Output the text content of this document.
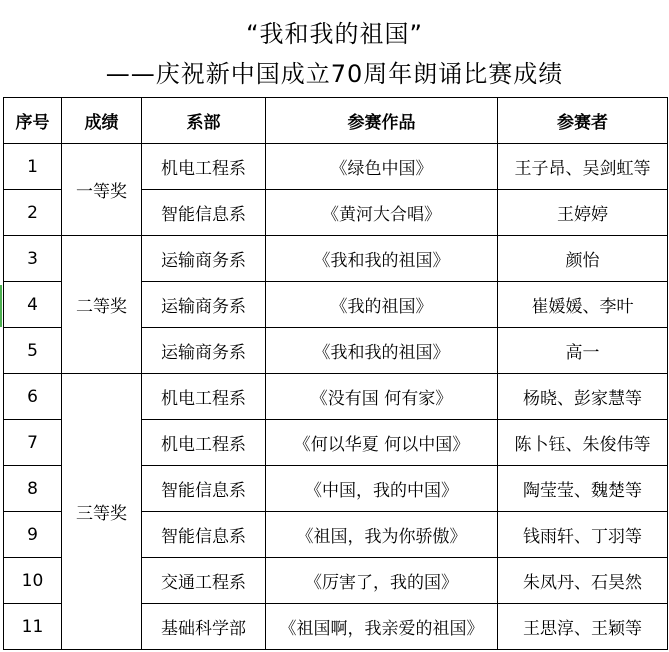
“我和我的祖国”
——庆祝新中国成立70周年朗诵比赛成绩
序号	成绩	系部	参赛作品	参赛者
1	一等奖	机电工程系	《绿色中国》	王子昂、吴剑虹等
2		智能信息系	《黄河大合唱》	王婷婷
3	二等奖	运输商务系	《我和我的祖国》	颜怡
4		运输商务系	《我的祖国》	崔媛媛、李叶
5		运输商务系	《我和我的祖国》	高一
6	三等奖	机电工程系	《没有国 何有家》	杨晓、彭家慧等
7		机电工程系	《何以华夏 何以中国》	陈卜钰、朱俊伟等
8		智能信息系	《中国，我的中国》	陶莹莹、魏楚等
9		智能信息系	《祖国，我为你骄傲》	钱雨轩、丁羽等
10		交通工程系	《厉害了，我的国》	朱凤丹、石昊然
11		基础科学部	《祖国啊，我亲爱的祖国》	王思淳、王颖等
